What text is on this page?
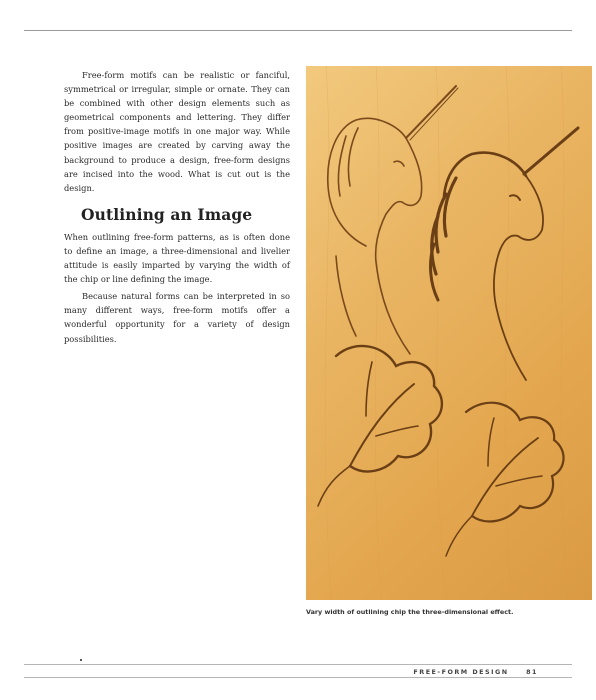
Free-form motifs can be realistic or fanciful, symmetrical or irregular, simple or ornate. They can be combined with other design elements such as geometrical components and lettering. They differ from positive-image motifs in one major way. While positive images are created by carving away the background to produce a design, free-form designs are incised into the wood. What is cut out is the design.

Outlining an Image

When outlining free-form patterns, as is often done to define an image, a three-dimensional and livelier attitude is easily imparted by varying the width of the chip or line defining the image.

Because natural forms can be interpreted in so many different ways, free-form motifs offer a wonderful opportunity for a variety of design possibilities.

Vary width of outlining chip the three-dimensional effect.
FREE-FORM DESIGN	81
